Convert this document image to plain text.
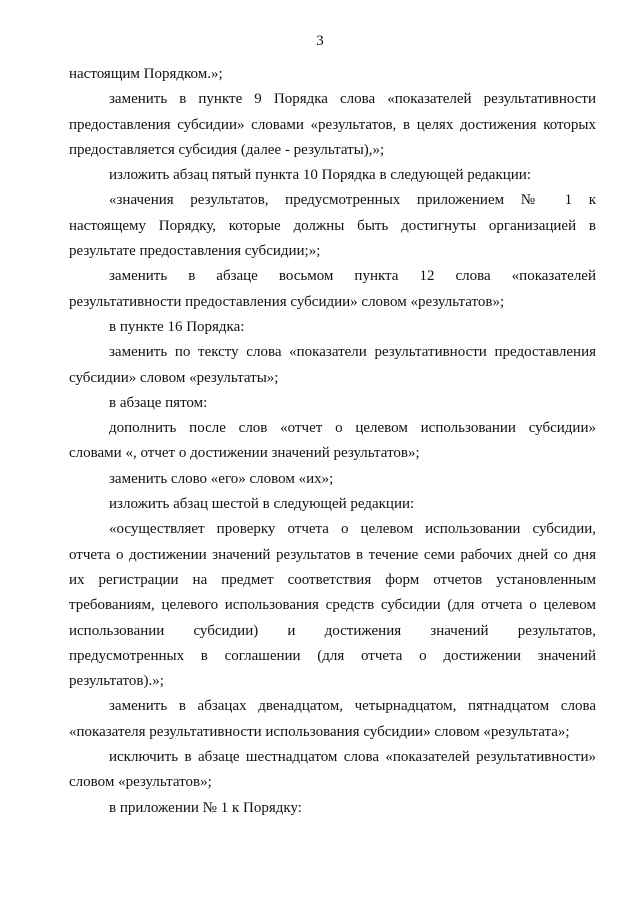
3
настоящим Порядком.»;
заменить в пункте 9 Порядка слова «показателей результативности
предоставления субсидии» словами «результатов, в целях достижения которых
предоставляется субсидия (далее - результаты),»;
изложить абзац пятый пункта 10 Порядка в следующей редакции:
«значения результатов, предусмотренных приложением № 1 к
настоящему Порядку, которые должны быть достигнуты организацией в
результате предоставления субсидии;»;
заменить в абзаце восьмом пункта 12 слова «показателей
результативности предоставления субсидии» словом «результатов»;
в пункте 16 Порядка:
заменить по тексту слова «показатели результативности предоставления
субсидии» словом «результаты»;
в абзаце пятом:
дополнить после слов «отчет о целевом использовании субсидии»
словами «, отчет о достижении значений результатов»;
заменить слово «его» словом «их»;
изложить абзац шестой в следующей редакции:
«осуществляет проверку отчета о целевом использовании субсидии,
отчета о достижении значений результатов в течение семи рабочих дней со дня
их регистрации на предмет соответствия форм отчетов установленным
требованиям, целевого использования средств субсидии (для отчета о целевом
использовании субсидии) и достижения значений результатов,
предусмотренных в соглашении (для отчета о достижении значений
результатов).»;
заменить в абзацах двенадцатом, четырнадцатом, пятнадцатом слова
«показателя результативности использования субсидии» словом «результата»;
исключить в абзаце шестнадцатом слова «показателей результативности»
словом «результатов»;
в приложении № 1 к Порядку:
